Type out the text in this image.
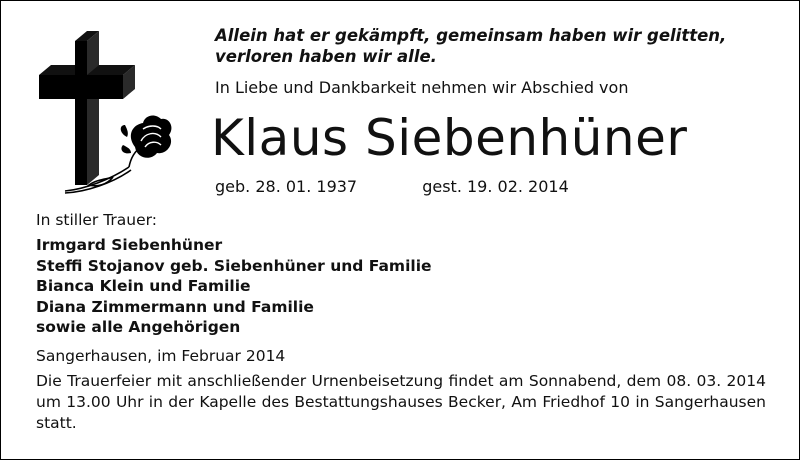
Allein hat er gekämpft, gemeinsam haben wir gelitten,
verloren haben wir alle.
In Liebe und Dankbarkeit nehmen wir Abschied von
Klaus Siebenhüner
geb. 28. 01. 1937	gest. 19. 02. 2014
In stiller Trauer:
Irmgard Siebenhüner
Steffi Stojanov geb. Siebenhüner und Familie
Bianca Klein und Familie
Diana Zimmermann und Familie
sowie alle Angehörigen
Sangerhausen, im Februar 2014

Die Trauerfeier mit anschließender Urnenbeisetzung findet am Sonnabend, dem 08. 03. 2014 um 13.00 Uhr in der Kapelle des Bestattungshauses Becker, Am Friedhof 10 in Sangerhausen statt.
